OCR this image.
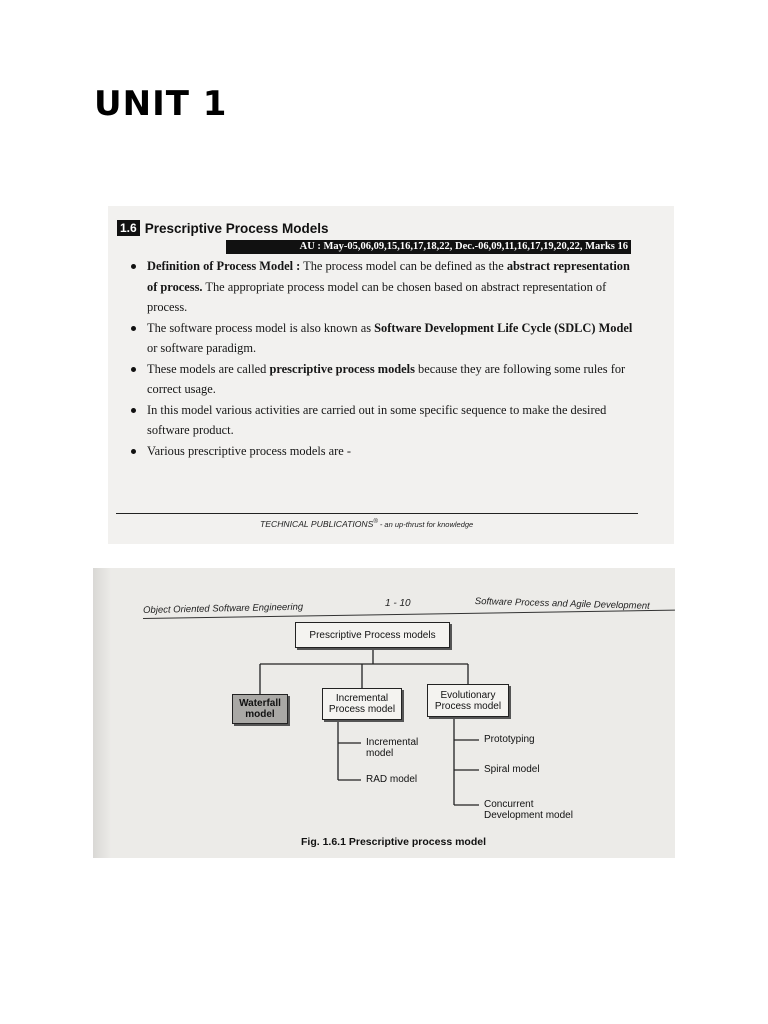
UNIT 1
1.6 Prescriptive Process Models
AU : May-05,06,09,15,16,17,18,22, Dec.-06,09,11,16,17,19,20,22, Marks 16
Definition of Process Model : The process model can be defined as the abstract representation of process. The appropriate process model can be chosen based on abstract representation of process.
The software process model is also known as Software Development Life Cycle (SDLC) Model or software paradigm.
These models are called prescriptive process models because they are following some rules for correct usage.
In this model various activities are carried out in some specific sequence to make the desired software product.
Various prescriptive process models are -
TECHNICAL PUBLICATIONS® - an up-thrust for knowledge
Object Oriented Software Engineering	1 - 10	Software Process and Agile Development
Prescriptive Process models
Waterfall
model
Incremental
Process model
Evolutionary
Process model
Incremental
model
RAD model
Prototyping
Spiral model
Concurrent
Development model
Fig. 1.6.1 Prescriptive process model
